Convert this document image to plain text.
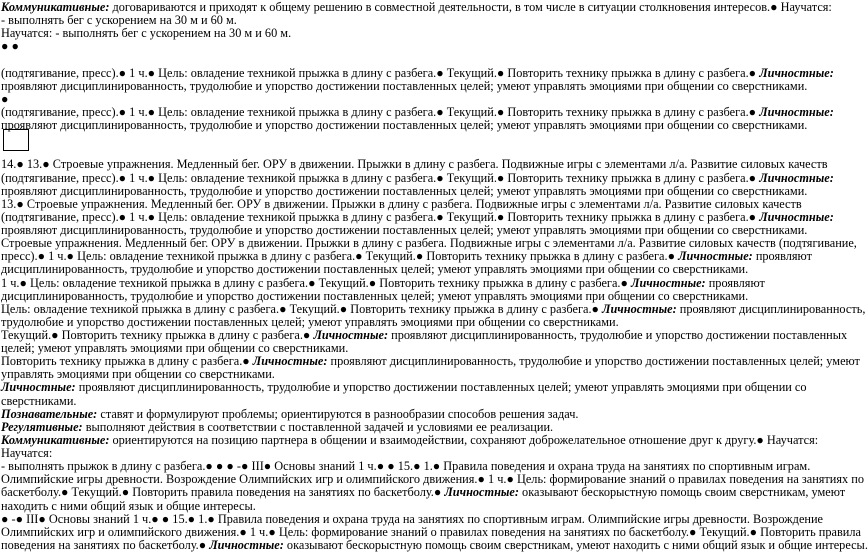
Коммуникативные: договариваются и приходят к общему решению в совместной деятельности, в том числе в ситуации столкновения интересов.● Научатся:
- выполнять бег с ускорением на 30 м и 60 м.
Научатся: - выполнять бег с ускорением на 30 м и 60 м.
● ●
(подтягивание, пресс).● 1 ч.● Цель: овладение техникой прыжка в длину с разбега.● Текущий.● Повторить технику прыжка в длину с разбега.● Личностные:
проявляют дисциплинированность, трудолюбие и упорство достижении поставленных целей; умеют управлять эмоциями при общении со сверстниками.
●
(подтягивание, пресс).● 1 ч.● Цель: овладение техникой прыжка в длину с разбега.● Текущий.● Повторить технику прыжка в длину с разбега.● Личностные:
проявляют дисциплинированность, трудолюбие и упорство достижении поставленных целей; умеют управлять эмоциями при общении со сверстниками.
14.● 13.● Строевые упражнения. Медленный бег. ОРУ в движении. Прыжки в длину с разбега. Подвижные игры с элементами л/а. Развитие силовых качеств
(подтягивание, пресс).● 1 ч.● Цель: овладение техникой прыжка в длину с разбега.● Текущий.● Повторить технику прыжка в длину с разбега.● Личностные:
проявляют дисциплинированность, трудолюбие и упорство достижении поставленных целей; умеют управлять эмоциями при общении со сверстниками.
13.● Строевые упражнения. Медленный бег. ОРУ в движении. Прыжки в длину с разбега. Подвижные игры с элементами л/а. Развитие силовых качеств
(подтягивание, пресс).● 1 ч.● Цель: овладение техникой прыжка в длину с разбега.● Текущий.● Повторить технику прыжка в длину с разбега.● Личностные:
проявляют дисциплинированность, трудолюбие и упорство достижении поставленных целей; умеют управлять эмоциями при общении со сверстниками.
Строевые упражнения. Медленный бег. ОРУ в движении. Прыжки в длину с разбега. Подвижные игры с элементами л/а. Развитие силовых качеств (подтягивание,
пресс).● 1 ч.● Цель: овладение техникой прыжка в длину с разбега.● Текущий.● Повторить технику прыжка в длину с разбега.● Личностные: проявляют
дисциплинированность, трудолюбие и упорство достижении поставленных целей; умеют управлять эмоциями при общении со сверстниками.
1 ч.● Цель: овладение техникой прыжка в длину с разбега.● Текущий.● Повторить технику прыжка в длину с разбега.● Личностные: проявляют
дисциплинированность, трудолюбие и упорство достижении поставленных целей; умеют управлять эмоциями при общении со сверстниками.
Цель: овладение техникой прыжка в длину с разбега.● Текущий.● Повторить технику прыжка в длину с разбега.● Личностные: проявляют дисциплинированность,
трудолюбие и упорство достижении поставленных целей; умеют управлять эмоциями при общении со сверстниками.
Текущий.● Повторить технику прыжка в длину с разбега.● Личностные: проявляют дисциплинированность, трудолюбие и упорство достижении поставленных
целей; умеют управлять эмоциями при общении со сверстниками.
Повторить технику прыжка в длину с разбега.● Личностные: проявляют дисциплинированность, трудолюбие и упорство достижении поставленных целей; умеют
управлять эмоциями при общении со сверстниками.
Личностные: проявляют дисциплинированность, трудолюбие и упорство достижении поставленных целей; умеют управлять эмоциями при общении со
сверстниками.
Познавательные: ставят и формулируют проблемы; ориентируются в разнообразии способов решения задач.
Регулятивные: выполняют действия в соответствии с поставленной задачей и условиями ее реализации.
Коммуникативные: ориентируются на позицию партнера в общении и взаимодействии, сохраняют доброжелательное отношение друг к другу.● Научатся:
Научатся:
- выполнять прыжок в длину с разбега.● ● ● -● III● Основы знаний 1 ч.● ● 15.● 1.● Правила поведения и охрана труда на занятиях по спортивным играм.
Олимпийские игры древности. Возрождение Олимпийских игр и олимпийского движения.● 1 ч.● Цель: формирование знаний о правилах поведения на занятиях по
баскетболу.● Текущий.● Повторить правила поведения на занятиях по баскетболу.● Личностные: оказывают бескорыстную помощь своим сверстникам, умеют
находить с ними общий язык и общие интересы.
● -● III● Основы знаний 1 ч.● ● 15.● 1.● Правила поведения и охрана труда на занятиях по спортивным играм. Олимпийские игры древности. Возрождение
Олимпийских игр и олимпийского движения.● 1 ч.● Цель: формирование знаний о правилах поведения на занятиях по баскетболу.● Текущий.● Повторить правила
поведения на занятиях по баскетболу.● Личностные: оказывают бескорыстную помощь своим сверстникам, умеют находить с ними общий язык и общие интересы.
